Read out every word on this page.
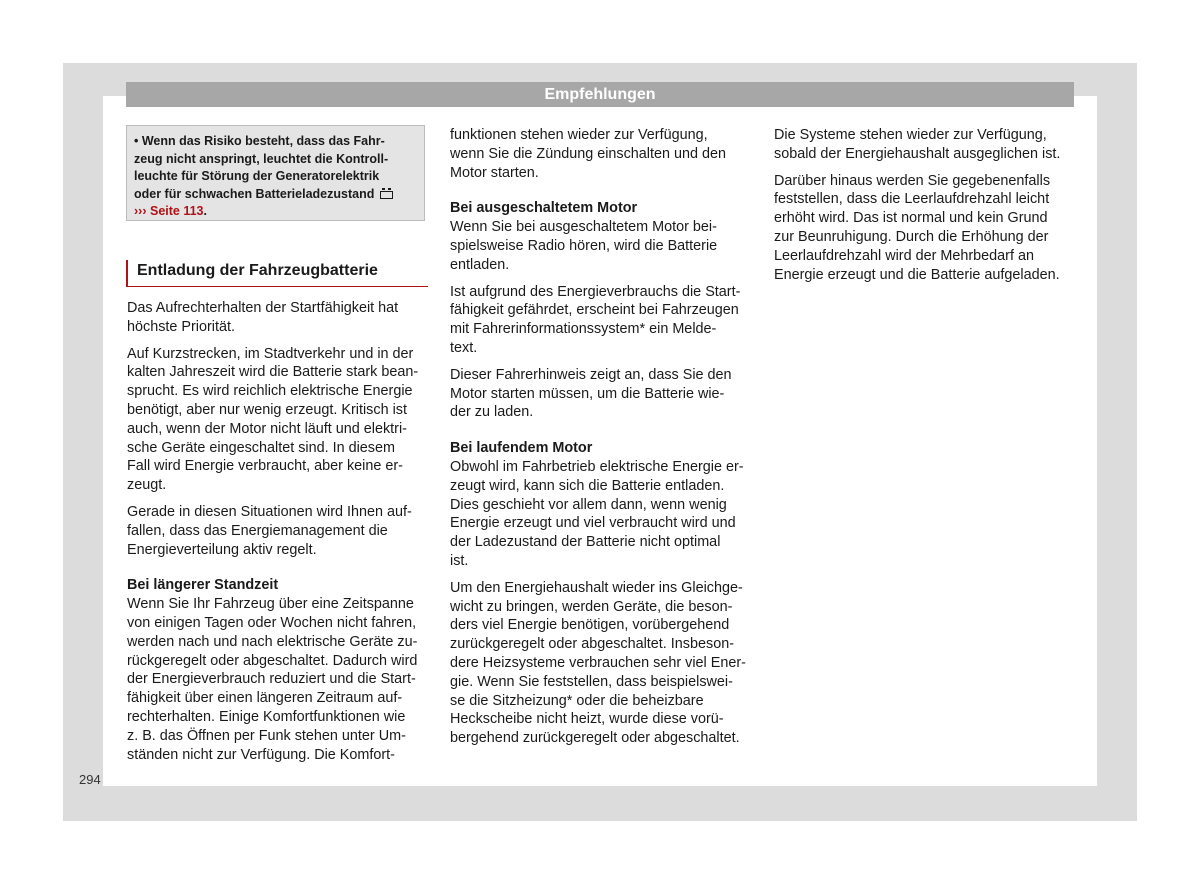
Empfehlungen
• Wenn das Risiko besteht, dass das Fahr-
zeug nicht anspringt, leuchtet die Kontroll-
leuchte für Störung der Generatorelektrik
oder für schwachen Batterieladezustand
››› Seite 113.
Entladung der Fahrzeugbatterie
Das Aufrechterhalten der Startfähigkeit hat
höchste Priorität.
Auf Kurzstrecken, im Stadtverkehr und in der
kalten Jahreszeit wird die Batterie stark bean-
sprucht. Es wird reichlich elektrische Energie
benötigt, aber nur wenig erzeugt. Kritisch ist
auch, wenn der Motor nicht läuft und elektri-
sche Geräte eingeschaltet sind. In diesem
Fall wird Energie verbraucht, aber keine er-
zeugt.
Gerade in diesen Situationen wird Ihnen auf-
fallen, dass das Energiemanagement die
Energieverteilung aktiv regelt.
Bei längerer Standzeit
Wenn Sie Ihr Fahrzeug über eine Zeitspanne
von einigen Tagen oder Wochen nicht fahren,
werden nach und nach elektrische Geräte zu-
rückgeregelt oder abgeschaltet. Dadurch wird
der Energieverbrauch reduziert und die Start-
fähigkeit über einen längeren Zeitraum auf-
rechterhalten. Einige Komfortfunktionen wie
z. B. das Öffnen per Funk stehen unter Um-
ständen nicht zur Verfügung. Die Komfort-
funktionen stehen wieder zur Verfügung,
wenn Sie die Zündung einschalten und den
Motor starten.
Bei ausgeschaltetem Motor
Wenn Sie bei ausgeschaltetem Motor bei-
spielsweise Radio hören, wird die Batterie
entladen.
Ist aufgrund des Energieverbrauchs die Start-
fähigkeit gefährdet, erscheint bei Fahrzeugen
mit Fahrerinformationssystem* ein Melde-
text.
Dieser Fahrerhinweis zeigt an, dass Sie den
Motor starten müssen, um die Batterie wie-
der zu laden.
Bei laufendem Motor
Obwohl im Fahrbetrieb elektrische Energie er-
zeugt wird, kann sich die Batterie entladen.
Dies geschieht vor allem dann, wenn wenig
Energie erzeugt und viel verbraucht wird und
der Ladezustand der Batterie nicht optimal
ist.
Um den Energiehaushalt wieder ins Gleichge-
wicht zu bringen, werden Geräte, die beson-
ders viel Energie benötigen, vorübergehend
zurückgeregelt oder abgeschaltet. Insbeson-
dere Heizsysteme verbrauchen sehr viel Ener-
gie. Wenn Sie feststellen, dass beispielswei-
se die Sitzheizung* oder die beheizbare
Heckscheibe nicht heizt, wurde diese vorü-
bergehend zurückgeregelt oder abgeschaltet.
Die Systeme stehen wieder zur Verfügung,
sobald der Energiehaushalt ausgeglichen ist.
Darüber hinaus werden Sie gegebenenfalls
feststellen, dass die Leerlaufdrehzahl leicht
erhöht wird. Das ist normal und kein Grund
zur Beunruhigung. Durch die Erhöhung der
Leerlaufdrehzahl wird der Mehrbedarf an
Energie erzeugt und die Batterie aufgeladen.
294
